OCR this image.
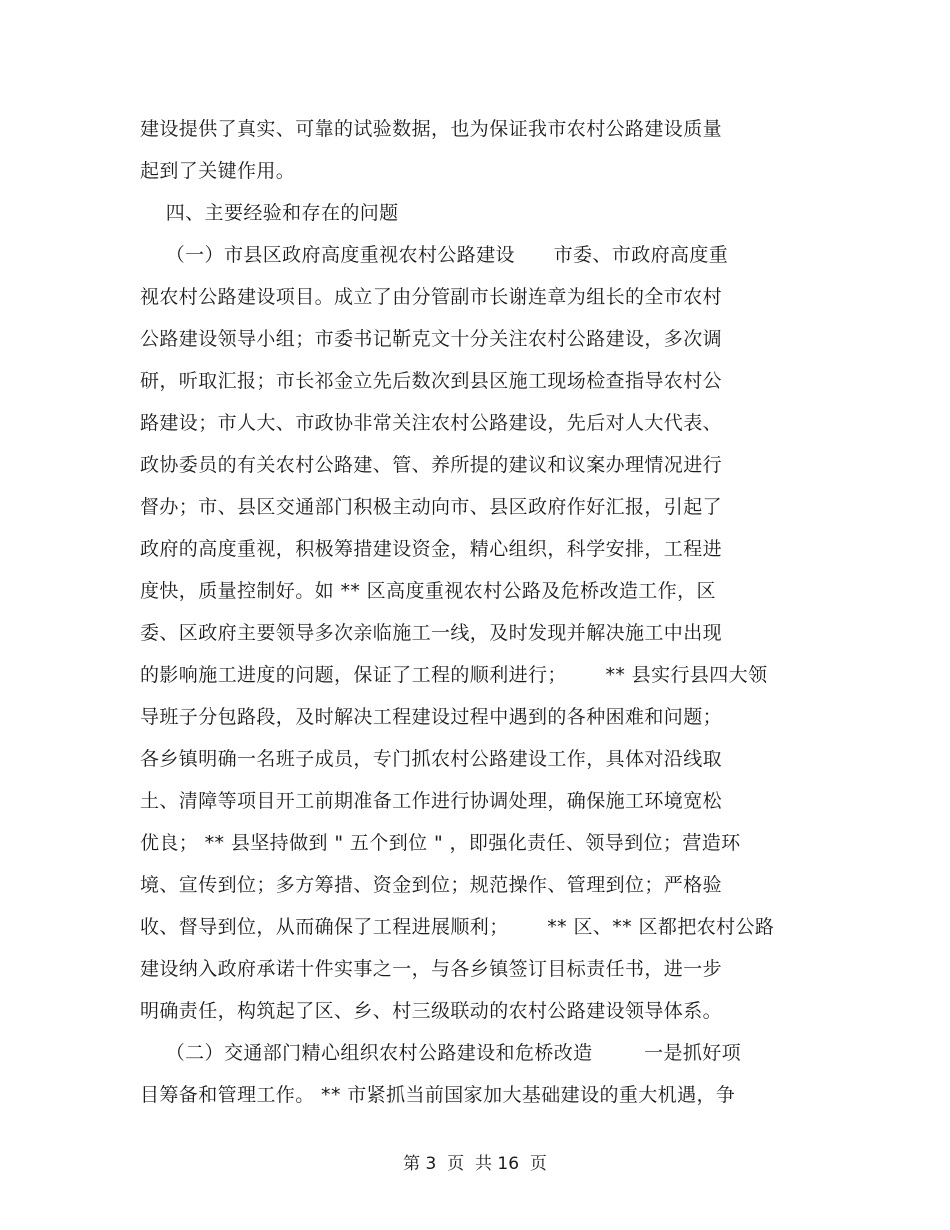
建设提供了真实、可靠的试验数据，也为保证我市农村公路建设质量
起到了关键作用。
四、主要经验和存在的问题
（一）市县区政府高度重视农村公路建设      市委、市政府高度重
视农村公路建设项目。成立了由分管副市长谢连章为组长的全市农村
公路建设领导小组；市委书记靳克文十分关注农村公路建设，多次调
研，听取汇报；市长祁金立先后数次到县区施工现场检查指导农村公
路建设；市人大、市政协非常关注农村公路建设，先后对人大代表、
政协委员的有关农村公路建、管、养所提的建议和议案办理情况进行
督办；市、县区交通部门积极主动向市、县区政府作好汇报，引起了
政府的高度重视，积极筹措建设资金，精心组织，科学安排，工程进
度快，质量控制好。如 ** 区高度重视农村公路及危桥改造工作，区
委、区政府主要领导多次亲临施工一线，及时发现并解决施工中出现
的影响施工进度的问题，保证了工程的顺利进行；      ** 县实行县四大领
导班子分包路段，及时解决工程建设过程中遇到的各种困难和问题；
各乡镇明确一名班子成员，专门抓农村公路建设工作，具体对沿线取
土、清障等项目开工前期准备工作进行协调处理，确保施工环境宽松
优良； ** 县坚持做到 " 五个到位 " ，即强化责任、领导到位；营造环
境、宣传到位；多方筹措、资金到位；规范操作、管理到位；严格验
收、督导到位，从而确保了工程进展顺利；      ** 区、** 区都把农村公路
建设纳入政府承诺十件实事之一，与各乡镇签订目标责任书，进一步
明确责任，构筑起了区、乡、村三级联动的农村公路建设领导体系。
（二）交通部门精心组织农村公路建设和危桥改造        一是抓好项
目筹备和管理工作。 ** 市紧抓当前国家加大基础建设的重大机遇，争
第 3  页  共 16  页
